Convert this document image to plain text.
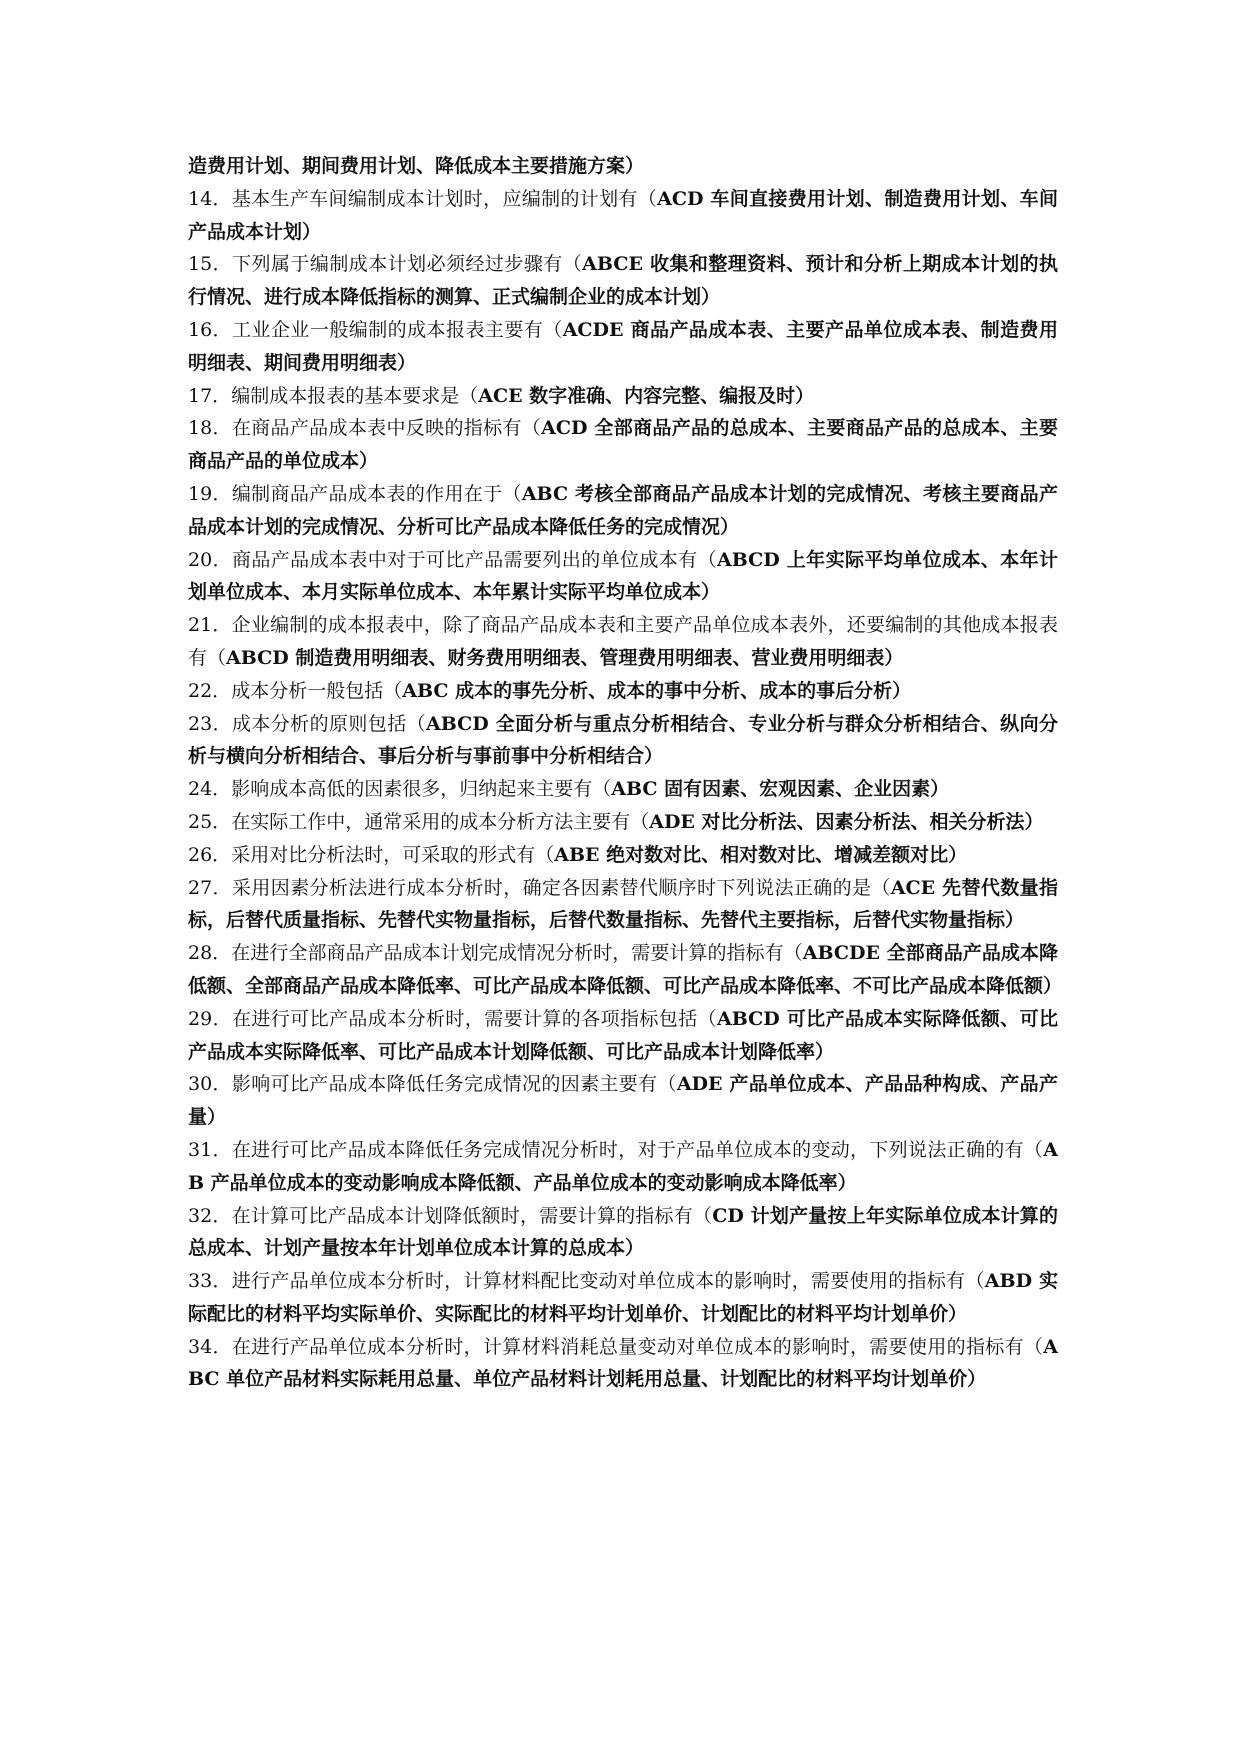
造费用计划、期间费用计划、降低成本主要措施方案）

14．基本生产车间编制成本计划时，应编制的计划有（ACD 车间直接费用计划、制造费用计划、车间产品成本计划）

15．下列属于编制成本计划必须经过步骤有（ABCE 收集和整理资料、预计和分析上期成本计划的执行情况、进行成本降低指标的测算、正式编制企业的成本计划）

16．工业企业一般编制的成本报表主要有（ACDE 商品产品成本表、主要产品单位成本表、制造费用明细表、期间费用明细表）

17．编制成本报表的基本要求是（ACE 数字准确、内容完整、编报及时）

18．在商品产品成本表中反映的指标有（ACD 全部商品产品的总成本、主要商品产品的总成本、主要商品产品的单位成本）

19．编制商品产品成本表的作用在于（ABC 考核全部商品产品成本计划的完成情况、考核主要商品产品成本计划的完成情况、分析可比产品成本降低任务的完成情况）

20．商品产品成本表中对于可比产品需要列出的单位成本有（ABCD 上年实际平均单位成本、本年计划单位成本、本月实际单位成本、本年累计实际平均单位成本）

21．企业编制的成本报表中，除了商品产品成本表和主要产品单位成本表外，还要编制的其他成本报表有（ABCD 制造费用明细表、财务费用明细表、管理费用明细表、营业费用明细表）

22．成本分析一般包括（ABC 成本的事先分析、成本的事中分析、成本的事后分析）

23．成本分析的原则包括（ABCD 全面分析与重点分析相结合、专业分析与群众分析相结合、纵向分析与横向分析相结合、事后分析与事前事中分析相结合）

24．影响成本高低的因素很多，归纳起来主要有（ABC 固有因素、宏观因素、企业因素）

25．在实际工作中，通常采用的成本分析方法主要有（ADE 对比分析法、因素分析法、相关分析法）

26．采用对比分析法时，可采取的形式有（ABE 绝对数对比、相对数对比、增减差额对比）

27．采用因素分析法进行成本分析时，确定各因素替代顺序时下列说法正确的是（ACE 先替代数量指标，后替代质量指标、先替代实物量指标，后替代数量指标、先替代主要指标，后替代实物量指标）

28．在进行全部商品产品成本计划完成情况分析时，需要计算的指标有（ABCDE 全部商品产品成本降低额、全部商品产品成本降低率、可比产品成本降低额、可比产品成本降低率、不可比产品成本降低额）

29．在进行可比产品成本分析时，需要计算的各项指标包括（ABCD 可比产品成本实际降低额、可比产品成本实际降低率、可比产品成本计划降低额、可比产品成本计划降低率）

30．影响可比产品成本降低任务完成情况的因素主要有（ADE 产品单位成本、产品品种构成、产品产量）

31．在进行可比产品成本降低任务完成情况分析时，对于产品单位成本的变动，下列说法正确的有（AB 产品单位成本的变动影响成本降低额、产品单位成本的变动影响成本降低率）

32．在计算可比产品成本计划降低额时，需要计算的指标有（CD 计划产量按上年实际单位成本计算的总成本、计划产量按本年计划单位成本计算的总成本）

33．进行产品单位成本分析时，计算材料配比变动对单位成本的影响时，需要使用的指标有（ABD 实际配比的材料平均实际单价、实际配比的材料平均计划单价、计划配比的材料平均计划单价）

34．在进行产品单位成本分析时，计算材料消耗总量变动对单位成本的影响时，需要使用的指标有（ABC 单位产品材料实际耗用总量、单位产品材料计划耗用总量、计划配比的材料平均计划单价）
